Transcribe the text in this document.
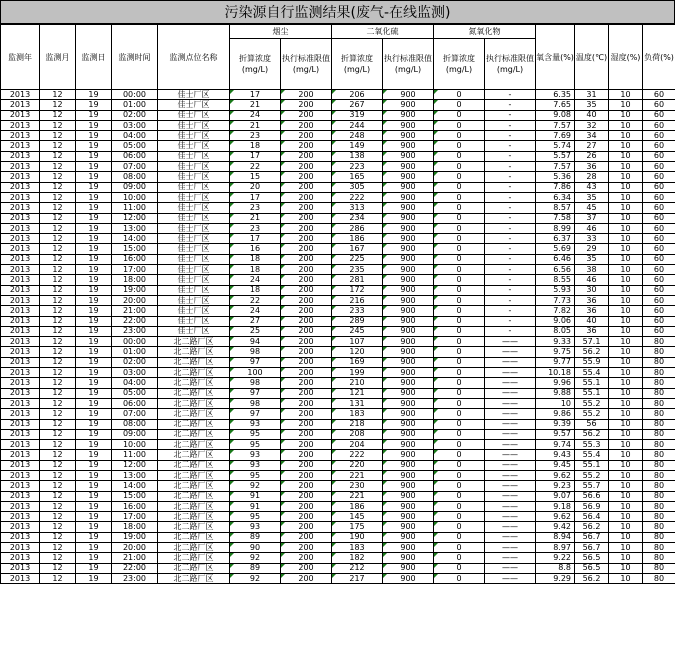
污染源自行监测结果(废气-在线监测)
监测年	监测月	监测日	监测时间	监测点位名称	烟尘		二氧化硫		氮氧化物		氧含量(%)	温度(℃)	湿度(%)	负荷(%)
					折算浓度(mg/L)	执行标准限值(mg/L)	折算浓度(mg/L)	执行标准限值(mg/L)	折算浓度(mg/L)	执行标准限值(mg/L)				
2013	12	19	00:00	佳士厂区	17	200	206	900	0	-	6.35	31	10	60
2013	12	19	01:00	佳士厂区	21	200	267	900	0	-	7.65	35	10	60
2013	12	19	02:00	佳士厂区	24	200	319	900	0	-	9.08	40	10	60
2013	12	19	03:00	佳士厂区	21	200	244	900	0	-	7.57	32	10	60
2013	12	19	04:00	佳士厂区	23	200	248	900	0	-	7.69	34	10	60
2013	12	19	05:00	佳士厂区	18	200	149	900	0	-	5.74	27	10	60
2013	12	19	06:00	佳士厂区	17	200	138	900	0	-	5.57	26	10	60
2013	12	19	07:00	佳士厂区	22	200	223	900	0	-	7.57	36	10	60
2013	12	19	08:00	佳士厂区	15	200	165	900	0	-	5.36	28	10	60
2013	12	19	09:00	佳士厂区	20	200	305	900	0	-	7.86	43	10	60
2013	12	19	10:00	佳士厂区	17	200	222	900	0	-	6.34	35	10	60
2013	12	19	11:00	佳士厂区	23	200	313	900	0	-	8.57	45	10	60
2013	12	19	12:00	佳士厂区	21	200	234	900	0	-	7.58	37	10	60
2013	12	19	13:00	佳士厂区	23	200	286	900	0	-	8.99	46	10	60
2013	12	19	14:00	佳士厂区	17	200	186	900	0	-	6.37	33	10	60
2013	12	19	15:00	佳士厂区	16	200	167	900	0	-	5.69	29	10	60
2013	12	19	16:00	佳士厂区	18	200	225	900	0	-	6.46	35	10	60
2013	12	19	17:00	佳士厂区	18	200	235	900	0	-	6.56	38	10	60
2013	12	19	18:00	佳士厂区	24	200	281	900	0	-	8.55	46	10	60
2013	12	19	19:00	佳士厂区	18	200	172	900	0	-	5.93	30	10	60
2013	12	19	20:00	佳士厂区	22	200	216	900	0	-	7.73	36	10	60
2013	12	19	21:00	佳士厂区	24	200	233	900	0	-	7.82	36	10	60
2013	12	19	22:00	佳士厂区	27	200	289	900	0	-	9.06	40	10	60
2013	12	19	23:00	佳士厂区	25	200	245	900	0	-	8.05	36	10	60
2013	12	19	00:00	北二路厂区	94	200	107	900	0	——	9.33	57.1	10	80
2013	12	19	01:00	北二路厂区	98	200	120	900	0	——	9.75	56.2	10	80
2013	12	19	02:00	北二路厂区	97	200	169	900	0	——	9.77	55.9	10	80
2013	12	19	03:00	北二路厂区	100	200	199	900	0	——	10.18	55.4	10	80
2013	12	19	04:00	北二路厂区	98	200	210	900	0	——	9.96	55.1	10	80
2013	12	19	05:00	北二路厂区	97	200	121	900	0	——	9.88	55.1	10	80
2013	12	19	06:00	北二路厂区	98	200	131	900	0	——	10	55.2	10	80
2013	12	19	07:00	北二路厂区	97	200	183	900	0	——	9.86	55.2	10	80
2013	12	19	08:00	北二路厂区	93	200	218	900	0	——	9.39	56	10	80
2013	12	19	09:00	北二路厂区	95	200	208	900	0	——	9.57	56.2	10	80
2013	12	19	10:00	北二路厂区	95	200	204	900	0	——	9.74	55.3	10	80
2013	12	19	11:00	北二路厂区	93	200	222	900	0	——	9.43	55.4	10	80
2013	12	19	12:00	北二路厂区	93	200	220	900	0	——	9.45	55.1	10	80
2013	12	19	13:00	北二路厂区	95	200	221	900	0	——	9.62	55.2	10	80
2013	12	19	14:00	北二路厂区	92	200	230	900	0	——	9.23	55.7	10	80
2013	12	19	15:00	北二路厂区	91	200	221	900	0	——	9.07	56.6	10	80
2013	12	19	16:00	北二路厂区	91	200	186	900	0	——	9.18	56.9	10	80
2013	12	19	17:00	北二路厂区	95	200	145	900	0	——	9.62	56.4	10	80
2013	12	19	18:00	北二路厂区	93	200	175	900	0	——	9.42	56.2	10	80
2013	12	19	19:00	北二路厂区	89	200	190	900	0	——	8.94	56.7	10	80
2013	12	19	20:00	北二路厂区	90	200	183	900	0	——	8.97	56.7	10	80
2013	12	19	21:00	北二路厂区	92	200	182	900	0	——	9.22	56.5	10	80
2013	12	19	22:00	北二路厂区	89	200	212	900	0	——	8.8	56.5	10	80
2013	12	19	23:00	北二路厂区	92	200	217	900	0	——	9.29	56.2	10	80
